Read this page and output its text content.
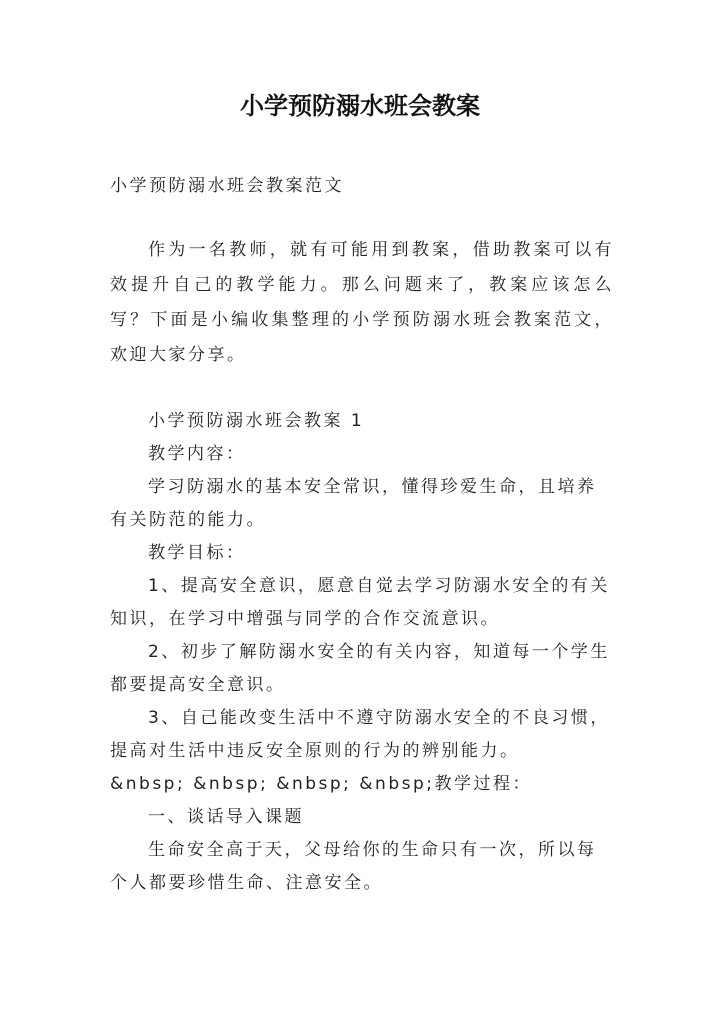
小学预防溺水班会教案
小学预防溺水班会教案范文
作为一名教师，就有可能用到教案，借助教案可以有效提升自己的教学能力。那么问题来了，教案应该怎么写？下面是小编收集整理的小学预防溺水班会教案范文，欢迎大家分享。

小学预防溺水班会教案 1

教学内容：

学习防溺水的基本安全常识，懂得珍爱生命，且培养有关防范的能力。

教学目标：

1、提高安全意识，愿意自觉去学习防溺水安全的有关知识，在学习中增强与同学的合作交流意识。

2、初步了解防溺水安全的有关内容，知道每一个学生都要提高安全意识。

3、自己能改变生活中不遵守防溺水安全的不良习惯，提高对生活中违反安全原则的行为的辨别能力。

&nbsp; &nbsp; &nbsp; &nbsp;教学过程：

一、谈话导入课题

生命安全高于天，父母给你的生命只有一次，所以每个人都要珍惜生命、注意安全。
